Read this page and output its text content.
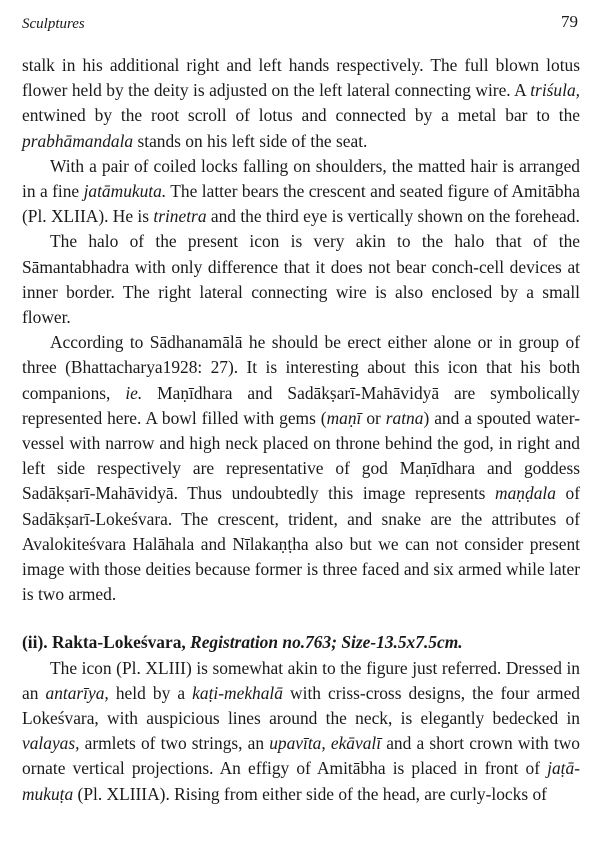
Sculptures	79

stalk in his additional right and left hands respectively. The full blown lotus flower held by the deity is adjusted on the left lateral connecting wire. A triśula, entwined by the root scroll of lotus and connected by a metal bar to the prabhāmandala stands on his left side of the seat.

With a pair of coiled locks falling on shoulders, the matted hair is arranged in a fine jatāmukuta. The latter bears the crescent and seated figure of Amitābha (Pl. XLIIA). He is trinetra and the third eye is vertically shown on the forehead.

The halo of the present icon is very akin to the halo that of the Sāmantabhadra with only difference that it does not bear conch-cell devices at inner border. The right lateral connecting wire is also enclosed by a small flower.

According to Sādhanamālā he should be erect either alone or in group of three (Bhattacharya1928: 27). It is interesting about this icon that his both companions, ie. Maṇīdhara and Sadākṣarī-Mahāvidyā are symbolically represented here. A bowl filled with gems (maṇī or ratna) and a spouted water-vessel with narrow and high neck placed on throne behind the god, in right and left side respectively are representative of god Maṇīdhara and goddess Sadākṣarī-Mahāvidyā. Thus undoubtedly this image represents maṇḍala of Sadākṣarī-Lokeśvara. The crescent, trident, and snake are the attributes of Avalokiteśvara Halāhala and Nīlakaṇṭha also but we can not consider present image with those deities because former is three faced and six armed while later is two armed.

(ii). Rakta-Lokeśvara, Registration no.763; Size-13.5x7.5cm.

The icon (Pl. XLIII) is somewhat akin to the figure just referred. Dressed in an antarīya, held by a kaṭi-mekhalā with criss-cross designs, the four armed Lokeśvara, with auspicious lines around the neck, is elegantly bedecked in valayas, armlets of two strings, an upavīta, ekāvalī and a short crown with two ornate vertical projections. An effigy of Amitābha is placed in front of jaṭā-mukuṭa (Pl. XLIIIA). Rising from either side of the head, are curly-locks of
